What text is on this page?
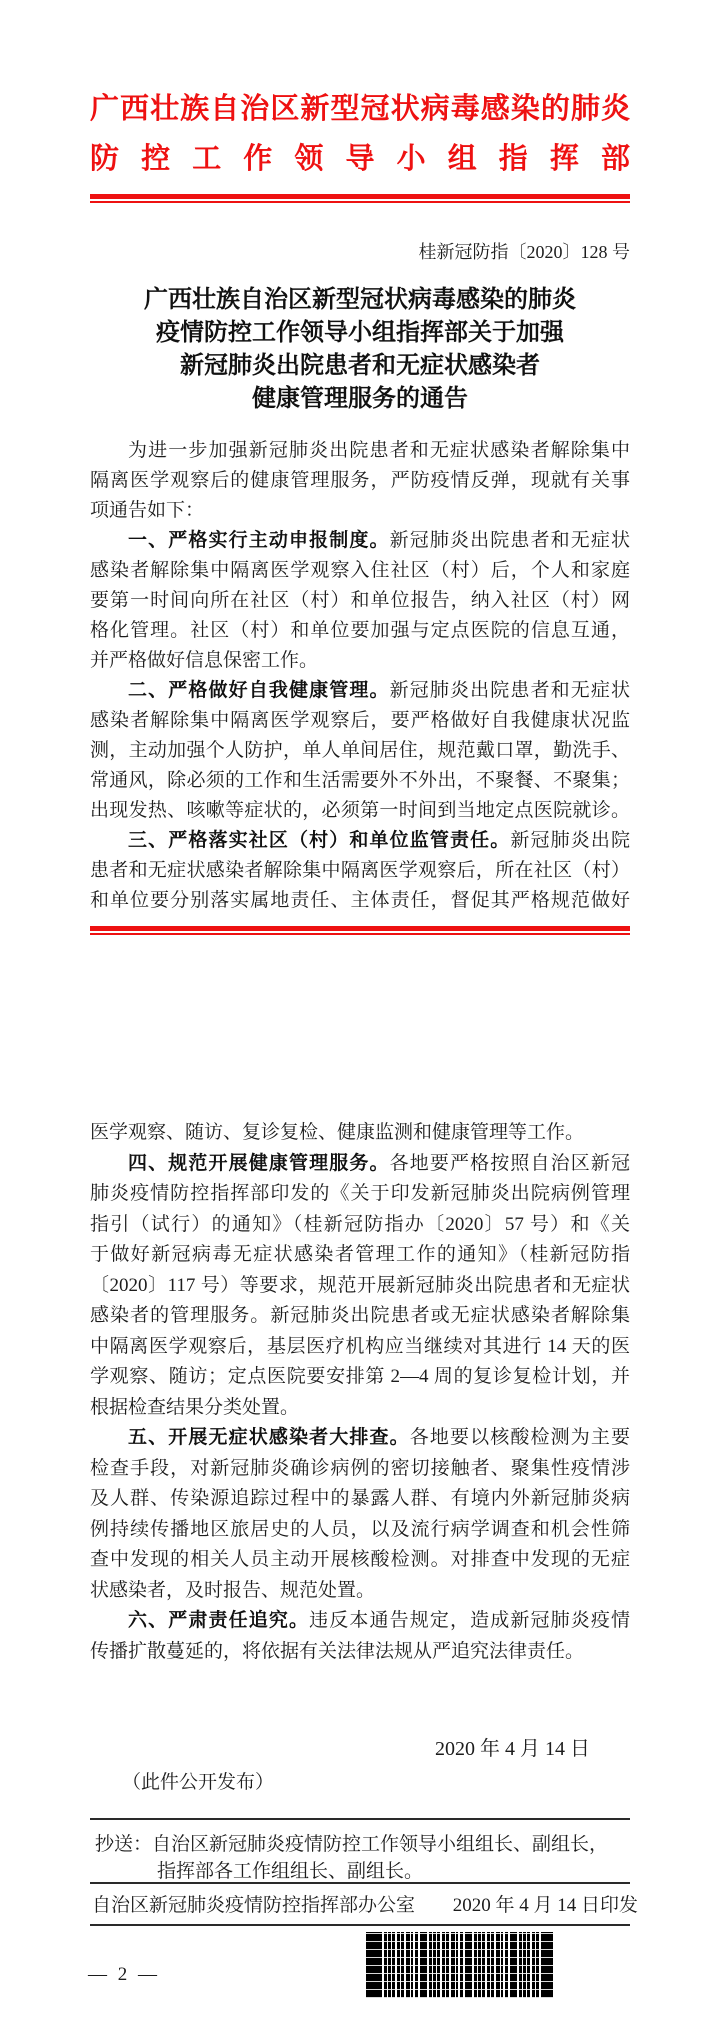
广西壮族自治区新型冠状病毒感染的肺炎
防控工作领导小组指挥部
桂新冠防指〔2020〕128 号
广西壮族自治区新型冠状病毒感染的肺炎
疫情防控工作领导小组指挥部关于加强
新冠肺炎出院患者和无症状感染者
健康管理服务的通告
为进一步加强新冠肺炎出院患者和无症状感染者解除集中
隔离医学观察后的健康管理服务，严防疫情反弹，现就有关事
项通告如下：
一、严格实行主动申报制度。新冠肺炎出院患者和无症状
感染者解除集中隔离医学观察入住社区（村）后，个人和家庭
要第一时间向所在社区（村）和单位报告，纳入社区（村）网
格化管理。社区（村）和单位要加强与定点医院的信息互通，
并严格做好信息保密工作。
二、严格做好自我健康管理。新冠肺炎出院患者和无症状
感染者解除集中隔离医学观察后，要严格做好自我健康状况监
测，主动加强个人防护，单人单间居住，规范戴口罩，勤洗手、
常通风，除必须的工作和生活需要外不外出，不聚餐、不聚集；
出现发热、咳嗽等症状的，必须第一时间到当地定点医院就诊。
三、严格落实社区（村）和单位监管责任。新冠肺炎出院
患者和无症状感染者解除集中隔离医学观察后，所在社区（村）
和单位要分别落实属地责任、主体责任，督促其严格规范做好
医学观察、随访、复诊复检、健康监测和健康管理等工作。
四、规范开展健康管理服务。各地要严格按照自治区新冠
肺炎疫情防控指挥部印发的《关于印发新冠肺炎出院病例管理
指引（试行）的通知》（桂新冠防指办〔2020〕57 号）和《关
于做好新冠病毒无症状感染者管理工作的通知》（桂新冠防指
〔2020〕117 号）等要求，规范开展新冠肺炎出院患者和无症状
感染者的管理服务。新冠肺炎出院患者或无症状感染者解除集
中隔离医学观察后，基层医疗机构应当继续对其进行 14 天的医
学观察、随访；定点医院要安排第 2—4 周的复诊复检计划，并
根据检查结果分类处置。
五、开展无症状感染者大排查。各地要以核酸检测为主要
检查手段，对新冠肺炎确诊病例的密切接触者、聚集性疫情涉
及人群、传染源追踪过程中的暴露人群、有境内外新冠肺炎病
例持续传播地区旅居史的人员，以及流行病学调查和机会性筛
查中发现的相关人员主动开展核酸检测。对排查中发现的无症
状感染者，及时报告、规范处置。
六、严肃责任追究。违反本通告规定，造成新冠肺炎疫情
传播扩散蔓延的，将依据有关法律法规从严追究法律责任。
2020 年 4 月 14 日
（此件公开发布）
抄送：自治区新冠肺炎疫情防控工作领导小组组长、副组长，
指挥部各工作组组长、副组长。
自治区新冠肺炎疫情防控指挥部办公室 2020 年 4 月 14 日印发
— 2 —
